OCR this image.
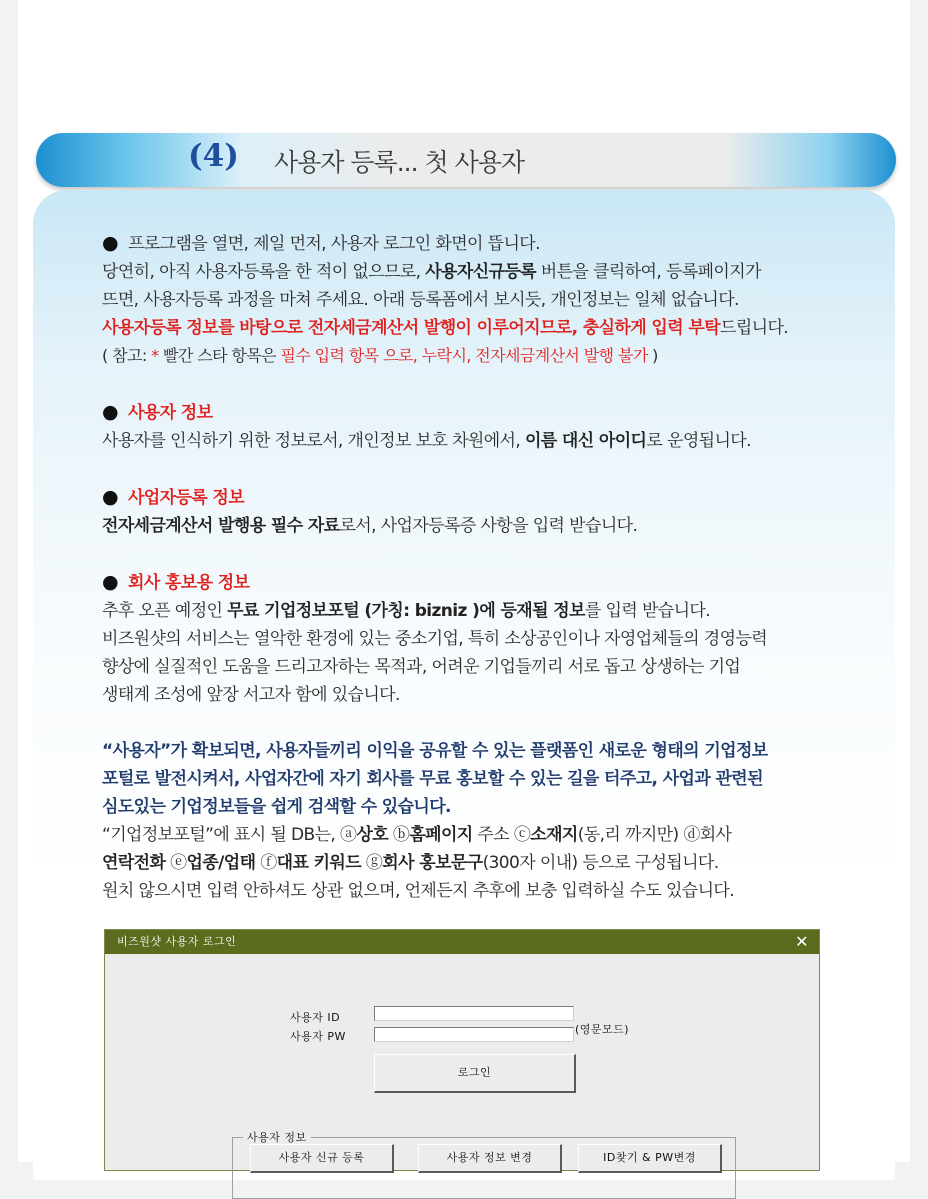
(4) 사용자 등록... 첫 사용자

● 프로그램을 열면, 제일 먼저, 사용자 로그인 화면이 뜹니다.

당연히, 아직 사용자등록을 한 적이 없으므로, 사용자신규등록 버튼을 클릭하여, 등록페이지가

뜨면, 사용자등록 과정을 마쳐 주세요. 아래 등록폼에서 보시듯, 개인정보는 일체 없습니다.

사용자등록 정보를 바탕으로 전자세금계산서 발행이 이루어지므로, 충실하게 입력 부탁드립니다.

( 참고: * 빨간 스타 항목은 필수 입력 항목 으로, 누락시, 전자세금계산서 발행 불가 )

● 사용자 정보

사용자를 인식하기 위한 정보로서, 개인정보 보호 차원에서, 이름 대신 아이디로 운영됩니다.

● 사업자등록 정보

전자세금계산서 발행용 필수 자료로서, 사업자등록증 사항을 입력 받습니다.

● 회사 홍보용 정보

추후 오픈 예정인 무료 기업정보포털 (가칭: bizniz )에 등재될 정보를 입력 받습니다.

비즈원샷의 서비스는 열악한 환경에 있는 중소기업, 특히 소상공인이나 자영업체들의 경영능력

향상에 실질적인 도움을 드리고자하는 목적과, 어려운 기업들끼리 서로 돕고 상생하는 기업

생태계 조성에 앞장 서고자 함에 있습니다.

“사용자”가 확보되면, 사용자들끼리 이익을 공유할 수 있는 플랫폼인 새로운 형태의 기업정보

포털로 발전시켜서, 사업자간에 자기 회사를 무료 홍보할 수 있는 길을 터주고, 사업과 관련된

심도있는 기업정보들을 쉽게 검색할 수 있습니다.

“기업정보포털”에 표시 될 DB는, ⓐ상호 ⓑ홈페이지 주소 ⓒ소재지(동,리 까지만) ⓓ회사

연락전화 ⓔ업종/업태 ⓕ대표 키워드 ⓖ회사 홍보문구(300자 이내) 등으로 구성됩니다.

원치 않으시면 입력 안하셔도 상관 없으며, 언제든지 추후에 보충 입력하실 수도 있습니다.

비즈원샷 사용자 로그인	✕
사용자 ID
사용자 PW
(영문모드)
로그인
사용자 정보
사용자 신규 등록	사용자 정보 변경	ID찾기 & PW변경
